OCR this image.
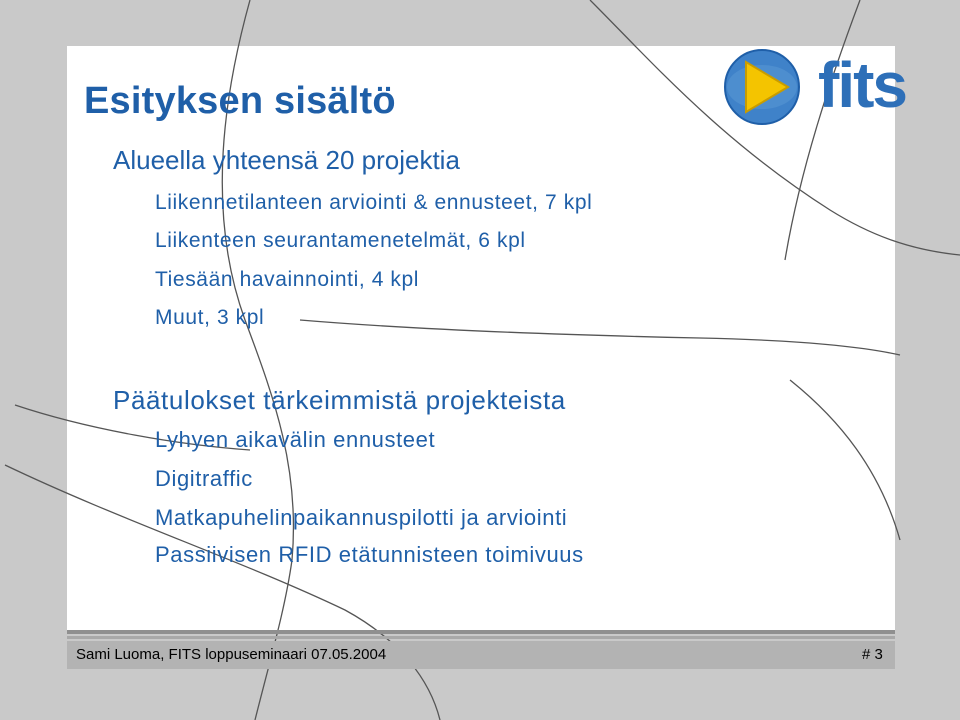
fits
Esityksen sisältö

Alueella yhteensä 20 projektia

Liikennetilanteen arviointi & ennusteet, 7 kpl

Liikenteen seurantamenetelmät, 6 kpl

Tiesään havainnointi, 4 kpl

Muut, 3 kpl

Päätulokset tärkeimmistä projekteista

Lyhyen aikavälin ennusteet

Digitraffic

Matkapuhelinpaikannuspilotti ja arviointi

Passiivisen RFID etätunnisteen toimivuus

Sami Luoma, FITS loppuseminaari 07.05.2004	# 3
